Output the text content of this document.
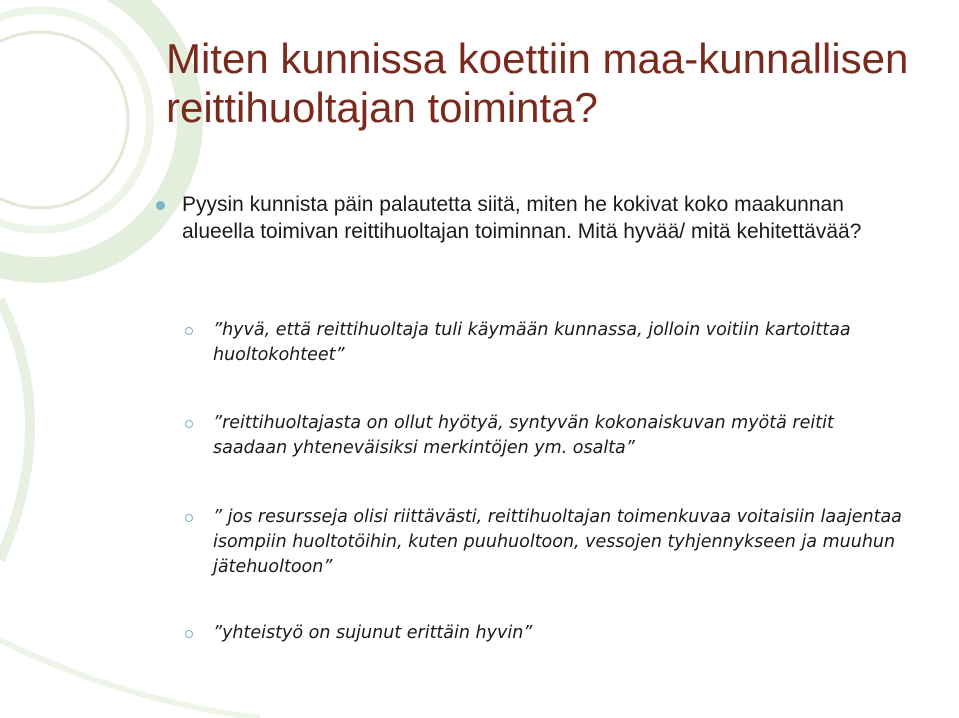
Miten kunnissa koettiin maa-kunnallisen reittihuoltajan toiminta?
Pyysin kunnista päin palautetta siitä, miten he kokivat koko maakunnan alueella toimivan reittihuoltajan toiminnan. Mitä hyvää/ mitä kehitettävää?
”hyvä, että reittihuoltaja tuli käymään kunnassa, jolloin voitiin kartoittaa huoltokohteet”
”reittihuoltajasta on ollut hyötyä, syntyvän kokonaiskuvan myötä reitit saadaan yhteneväisiksi merkintöjen ym. osalta”
” jos resursseja olisi riittävästi, reittihuoltajan toimenkuvaa voitaisiin laajentaa isompiin huoltotöihin, kuten puuhuoltoon, vessojen tyhjennykseen ja muuhun jätehuoltoon”
”yhteistyö on sujunut erittäin hyvin”
